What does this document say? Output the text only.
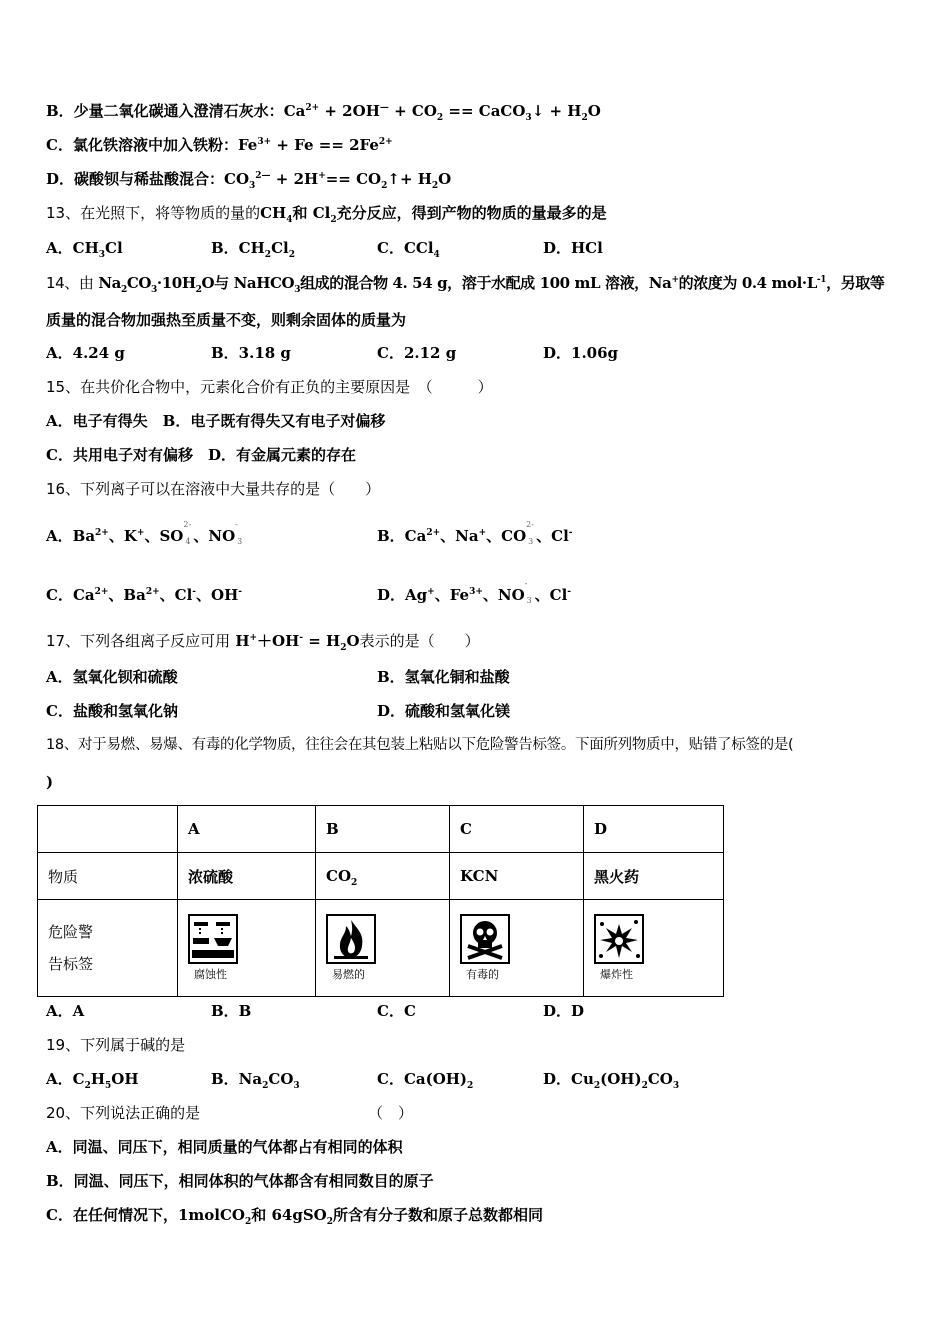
B．少量二氧化碳通入澄清石灰水：$Ca^{2+} + 2OH^— + CO_2$ == CaCO$_3$↓ + $H_2O$
C．氯化铁溶液中加入铁粉：$Fe^{3+} + Fe == 2Fe^{2+}$
D．碳酸钡与稀盐酸混合：$CO_3^{2—} + 2H^+==$ $CO_2↑+ H_2O$
13、在光照下，将等物质的量的$CH_4$和 $Cl_2$充分反应，得到产物的物质的量最多的是
A．$CH_3Cl$	B．$CH_2Cl_2$	C．CCl$_4$	D．HCl
14、由 $Na_2CO_3\cdot 10H_2O$与 NaHCO$_3$组成的混合物 4. 54 g，溶于水配成 100 mL 溶液，Na+的浓度为 0.4 $mol\cdot L^{-1}$，另取等
质量的混合物加强热至质量不变，则剩余固体的质量为
A．4.24 g	B．3.18 g	C．2.12 g	D．1.06g
15、在共价化合物中，元素化合价有正负的主要原因是　（　　　）
A．电子有得失　B．电子既有得失又有电子对偏移
C．共用电子对有偏移　D．有金属元素的存在
16、下列离子可以在溶液中大量共存的是（　　）
A．$Ba^{2+}$、K+、SO
2-
4 、NO
-
3	B．$Ca^{2+}$、Na+、CO
2-
3 、Cl-
C．$Ca^{2+}$、$Ba^{2+}$、Cl-、OH-	D．Ag+、$Fe^{3+}$、NO
-
3 、Cl-
17、下列各组离子反应可用 $H^++OH^- = H_2O$表示的是（　　）
A．氢氧化钡和硫酸	B．氢氧化铜和盐酸
C．盐酸和氢氧化钠	D．硫酸和氢氧化镁
18、对于易燃、易爆、有毒的化学物质，往往会在其包装上粘贴以下危险警告标签。下面所列物质中，贴错了标签的是(
)
	A	B	C	D
物质	浓硫酸	$CO_2$	KCN	黑火药
危险警
告标签	腐蚀性	易燃的	有毒的	爆炸性
A．A	B．B	C．C	D．D
19、下列属于碱的是
A．$C_2H_5OH$	B．$Na_2CO_3$	C．$Ca(OH)_2$	D．$Cu_2(OH)_2CO_3$
20、下列说法正确的是	（　）
A．同温、同压下，相同质量的气体都占有相同的体积
B．同温、同压下，相同体积的气体都含有相同数目的原子
C．在任何情况下，1molCO$_2$和 64gSO$_2$所含有分子数和原子总数都相同
